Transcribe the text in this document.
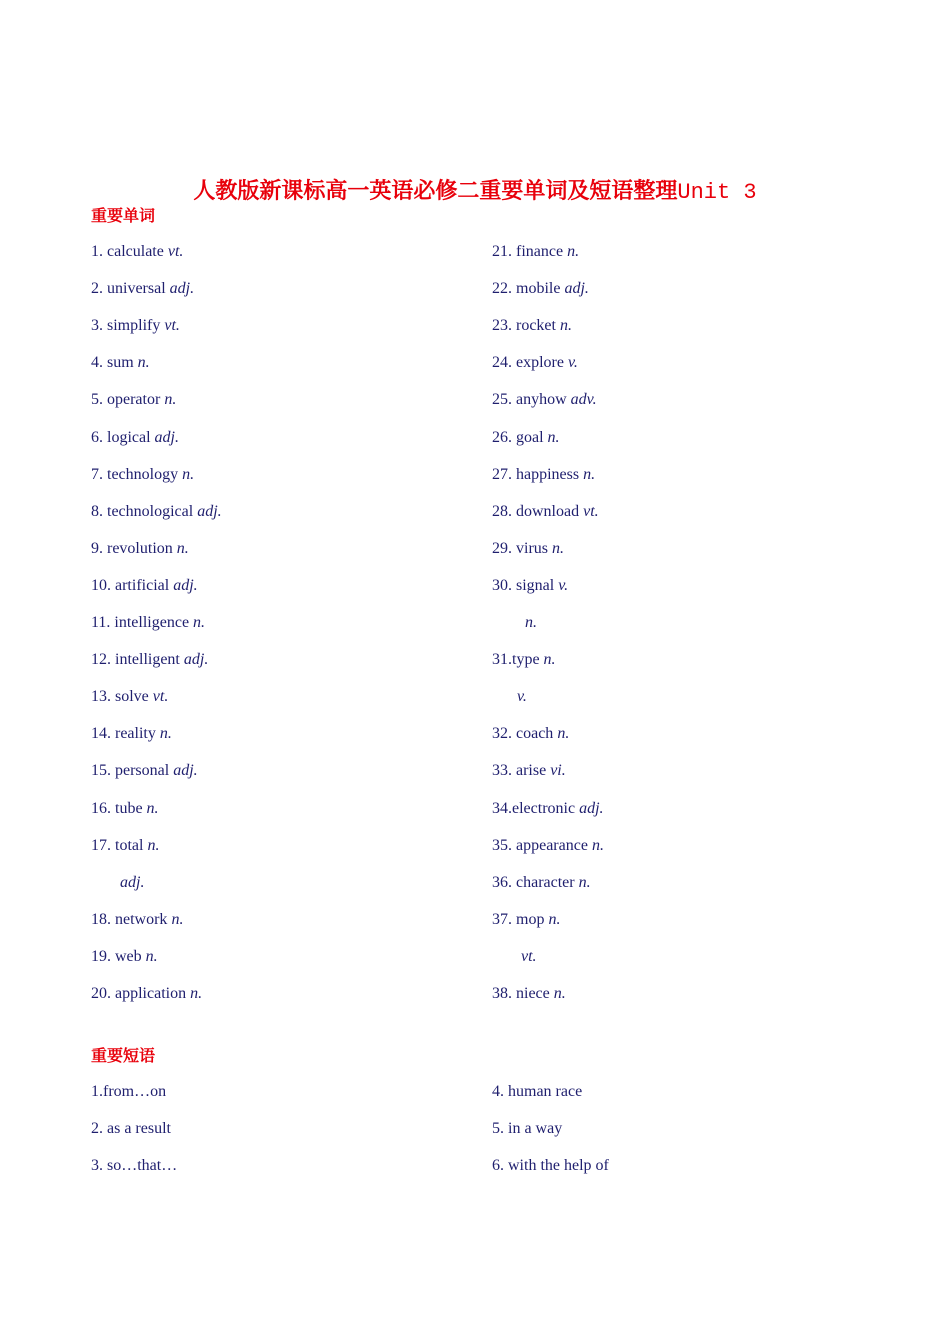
人教版新课标高一英语必修二重要单词及短语整理Unit 3
重要单词
1. calculate vt.
2. universal adj.
3. simplify vt.
4. sum n.
5. operator n.
6. logical adj.
7. technology n.
8. technological adj.
9. revolution n.
10. artificial adj.
11. intelligence n.
12. intelligent adj.
13. solve vt.
14. reality n.
15. personal adj.
16. tube n.
17. total n.
adj.
18. network n.
19. web n.
20. application n.
21. finance n.
22. mobile adj.
23. rocket n.
24. explore v.
25. anyhow adv.
26. goal n.
27. happiness n.
28. download vt.
29. virus n.
30. signal v.
n.
31.type n.
v.
32. coach n.
33. arise vi.
34.electronic adj.
35. appearance n.
36. character n.
37. mop n.
vt.
38. niece n.
重要短语
1.from…on
2. as a result
3. so…that…
4. human race
5. in a way
6. with the help of
